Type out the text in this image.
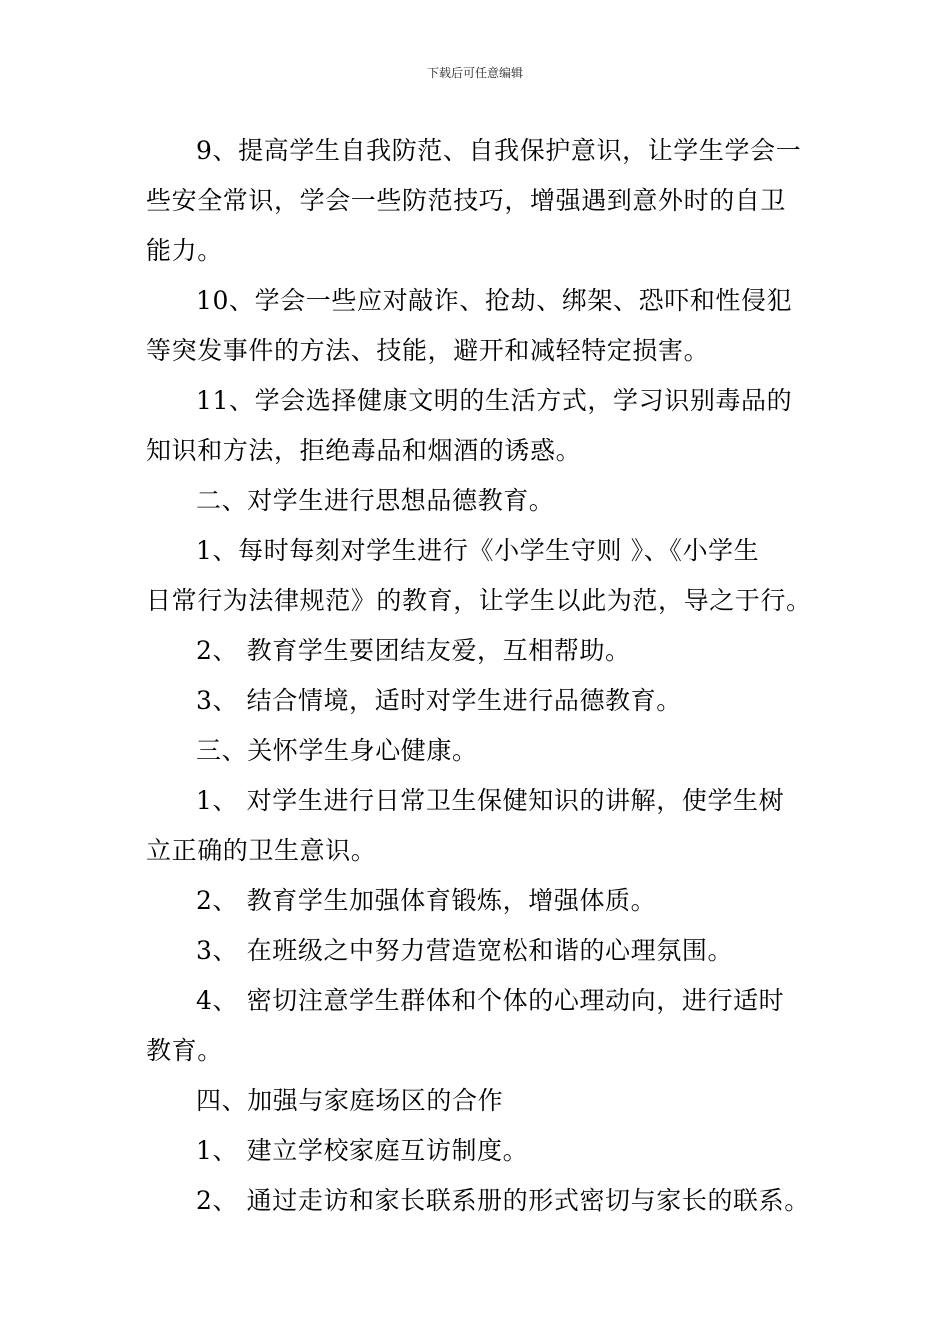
下载后可任意编辑

9、提高学生自我防范、自我保护意识，让学生学会一
些安全常识，学会一些防范技巧，增强遇到意外时的自卫
能力。

10、学会一些应对敲诈、抢劫、绑架、恐吓和性侵犯
等突发事件的方法、技能，避开和减轻特定损害。

11、学会选择健康文明的生活方式，学习识别毒品的
知识和方法，拒绝毒品和烟酒的诱惑。

二、对学生进行思想品德教育。

1、每时每刻对学生进行《小学生守则 》、《小学生
日常行为法律规范》的教育，让学生以此为范，导之于行。

2、 教育学生要团结友爱，互相帮助。

3、 结合情境，适时对学生进行品德教育。

三、关怀学生身心健康。

1、 对学生进行日常卫生保健知识的讲解，使学生树
立正确的卫生意识。

2、 教育学生加强体育锻炼，增强体质。

3、 在班级之中努力营造宽松和谐的心理氛围。

4、 密切注意学生群体和个体的心理动向，进行适时
教育。

四、加强与家庭场区的合作

1、 建立学校家庭互访制度。

2、 通过走访和家长联系册的形式密切与家长的联系。
